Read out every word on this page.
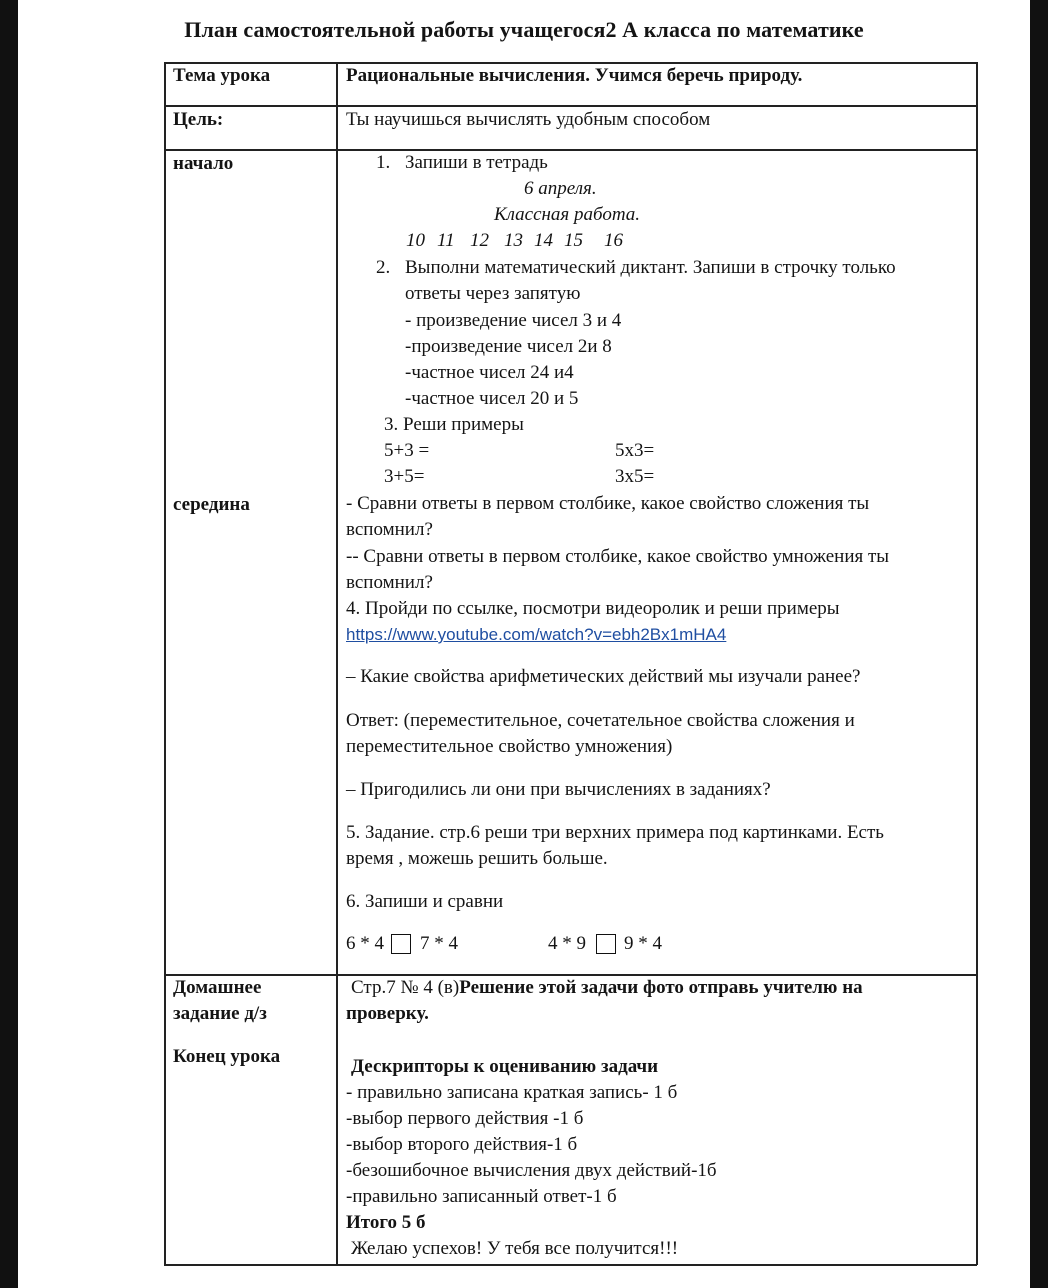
План самостоятельной работы учащегося2 А класса по математике
Тема урока
Цель:
начало
середина
Домашнее
задание д/з
Конец урока
Рациональные вычисления. Учимся беречь природу.
Ты научишься вычислять удобным способом
1. Запиши в тетрадь
6 апреля.
Классная работа.
10 11 12 13 14 15 16
2. Выполни математический диктант. Запиши в строчку только
ответы через запятую
- произведение чисел 3 и 4
-произведение чисел 2и 8
-частное чисел 24 и4
-частное чисел 20 и 5
3. Реши примеры
5+3 =
3+5=
5х3=
3х5=
- Сравни ответы в первом столбике, какое свойство сложения ты
вспомнил?
-- Сравни ответы в первом столбике, какое свойство умножения ты
вспомнил?
4. Пройди по ссылке, посмотри видеоролик и реши примеры
https://www.youtube.com/watch?v=ebh2Bx1mHA4
– Какие свойства арифметических действий мы изучали ранее?
Ответ: (переместительное, сочетательное свойства сложения и
переместительное свойство умножения)
– Пригодились ли они при вычислениях в заданиях?
5. Задание. стр.6 реши три верхних примера под картинками. Есть
время , можешь решить больше.
6. Запиши и сравни
6 * 4 7 * 4	4 * 9 9 * 4
Стр.7 № 4 (в)Решение этой задачи фото отправь учителю на
проверку.
Дескрипторы к оцениванию задачи
- правильно записана краткая запись- 1 б
-выбор первого действия -1 б
-выбор второго действия-1 б
-безошибочное вычисления двух действий-1б
-правильно записанный ответ-1 б
Итого 5 б
Желаю успехов! У тебя все получится!!!
